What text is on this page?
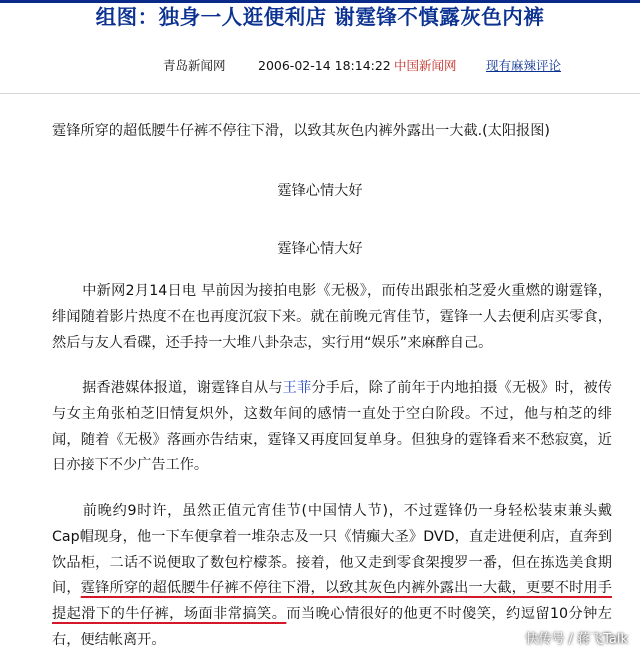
组图：独身一人逛便利店 谢霆锋不慎露灰色内裤
青岛新闻网	2006-02-14 18:14:22 中国新闻网 现有麻辣评论
霆锋所穿的超低腰牛仔裤不停往下滑，以致其灰色内裤外露出一大截.(太阳报图)
霆锋心情大好
霆锋心情大好
中新网2月14日电 早前因为接拍电影《无极》，而传出跟张柏芝爱火重燃的谢霆锋，绯闻随着影片热度不在也再度沉寂下来。就在前晚元宵佳节，霆锋一人去便利店买零食，然后与友人看碟，还手持一大堆八卦杂志，实行用“娱乐”来麻醉自己。
据香港媒体报道，谢霆锋自从与王菲分手后，除了前年于内地拍摄《无极》时，被传与女主角张柏芝旧情复炽外，这数年间的感情一直处于空白阶段。不过，他与柏芝的绯闻，随着《无极》落画亦告结束，霆锋又再度回复单身。但独身的霆锋看来不愁寂寞，近日亦接下不少广告工作。
前晚约9时许，虽然正值元宵佳节(中国情人节)，不过霆锋仍一身轻松装束兼头戴Cap帽现身，他一下车便拿着一堆杂志及一只《情癫大圣》DVD，直走进便利店，直奔到饮品柜，二话不说便取了数包柠檬茶。接着，他又走到零食架搜罗一番，但在拣选美食期间，霆锋所穿的超低腰牛仔裤不停往下滑，以致其灰色内裤外露出一大截，更要不时用手提起滑下的牛仔裤，场面非常搞笑。而当晚心情很好的他更不时傻笑，约逗留10分钟左右，便结帐离开。	快传号 / 蒋飞Talk
